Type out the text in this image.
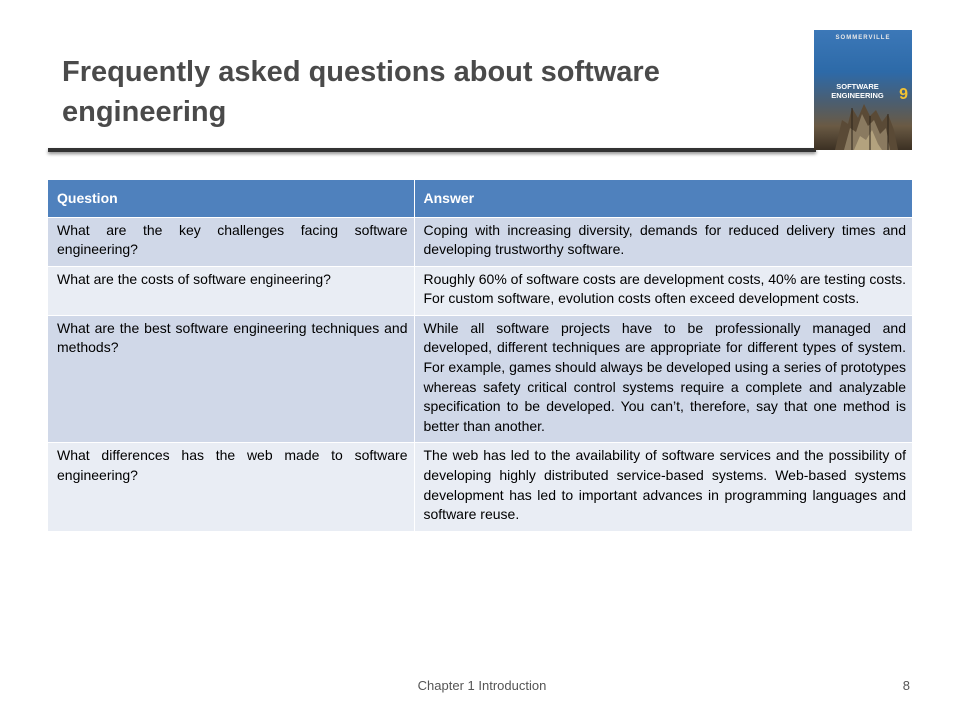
Frequently asked questions about software engineering
SOMMERVILLE
SOFTWARE ENGINEERING 9
Question	Answer
What are the key challenges facing software engineering?	Coping with increasing diversity, demands for reduced delivery times and developing trustworthy software.
What are the costs of software engineering?	Roughly 60% of software costs are development costs, 40% are testing costs. For custom software, evolution costs often exceed development costs.
What are the best software engineering techniques and methods?	While all software projects have to be professionally managed and developed, different techniques are appropriate for different types of system. For example, games should always be developed using a series of prototypes whereas safety critical control systems require a complete and analyzable specification to be developed. You can’t, therefore, say that one method is better than another.
What differences has the web made to software engineering?	The web has led to the availability of software services and the possibility of developing highly distributed service-based systems. Web-based systems development has led to important advances in programming languages and software reuse.
Chapter 1 Introduction	8
